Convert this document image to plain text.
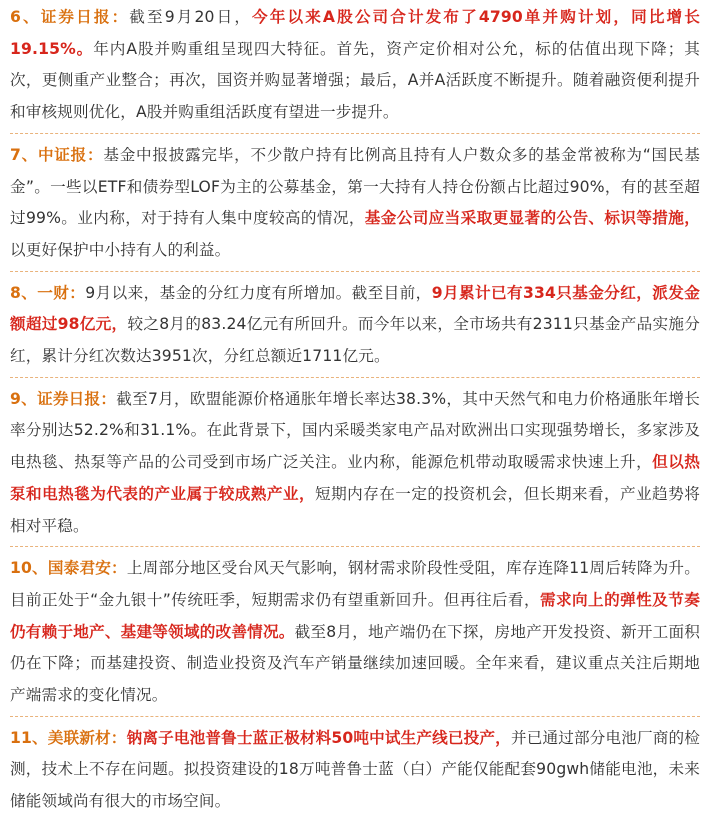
6、证券日报：截至9月20日，今年以来A股公司合计发布了4790单并购计划，同比增长19.15%。年内A股并购重组呈现四大特征。首先，资产定价相对公允，标的估值出现下降；其次，更侧重产业整合；再次，国资并购显著增强；最后，A并A活跃度不断提升。随着融资便利提升和审核规则优化，A股并购重组活跃度有望进一步提升。

7、中证报：基金中报披露完毕，不少散户持有比例高且持有人户数众多的基金常被称为“国民基金”。一些以ETF和债券型LOF为主的公募基金，第一大持有人持仓份额占比超过90%，有的甚至超过99%。业内称，对于持有人集中度较高的情况，基金公司应当采取更显著的公告、标识等措施，以更好保护中小持有人的利益。

8、一财：9月以来，基金的分红力度有所增加。截至目前，9月累计已有334只基金分红，派发金额超过98亿元，较之8月的83.24亿元有所回升。而今年以来，全市场共有2311只基金产品实施分红，累计分红次数达3951次，分红总额近1711亿元。

9、证券日报：截至7月，欧盟能源价格通胀年增长率达38.3%，其中天然气和电力价格通胀年增长率分别达52.2%和31.1%。在此背景下，国内采暖类家电产品对欧洲出口实现强势增长，多家涉及电热毯、热泵等产品的公司受到市场广泛关注。业内称，能源危机带动取暖需求快速上升，但以热泵和电热毯为代表的产业属于较成熟产业，短期内存在一定的投资机会，但长期来看，产业趋势将相对平稳。

10、国泰君安：上周部分地区受台风天气影响，钢材需求阶段性受阻，库存连降11周后转降为升。目前正处于“金九银十”传统旺季，短期需求仍有望重新回升。但再往后看，需求向上的弹性及节奏仍有赖于地产、基建等领域的改善情况。截至8月，地产端仍在下探，房地产开发投资、新开工面积仍在下降；而基建投资、制造业投资及汽车产销量继续加速回暖。全年来看，建议重点关注后期地产端需求的变化情况。

11、美联新材：钠离子电池普鲁士蓝正极材料50吨中试生产线已投产，并已通过部分电池厂商的检测，技术上不存在问题。拟投资建设的18万吨普鲁士蓝（白）产能仅能配套90gwh储能电池，未来储能领域尚有很大的市场空间。
